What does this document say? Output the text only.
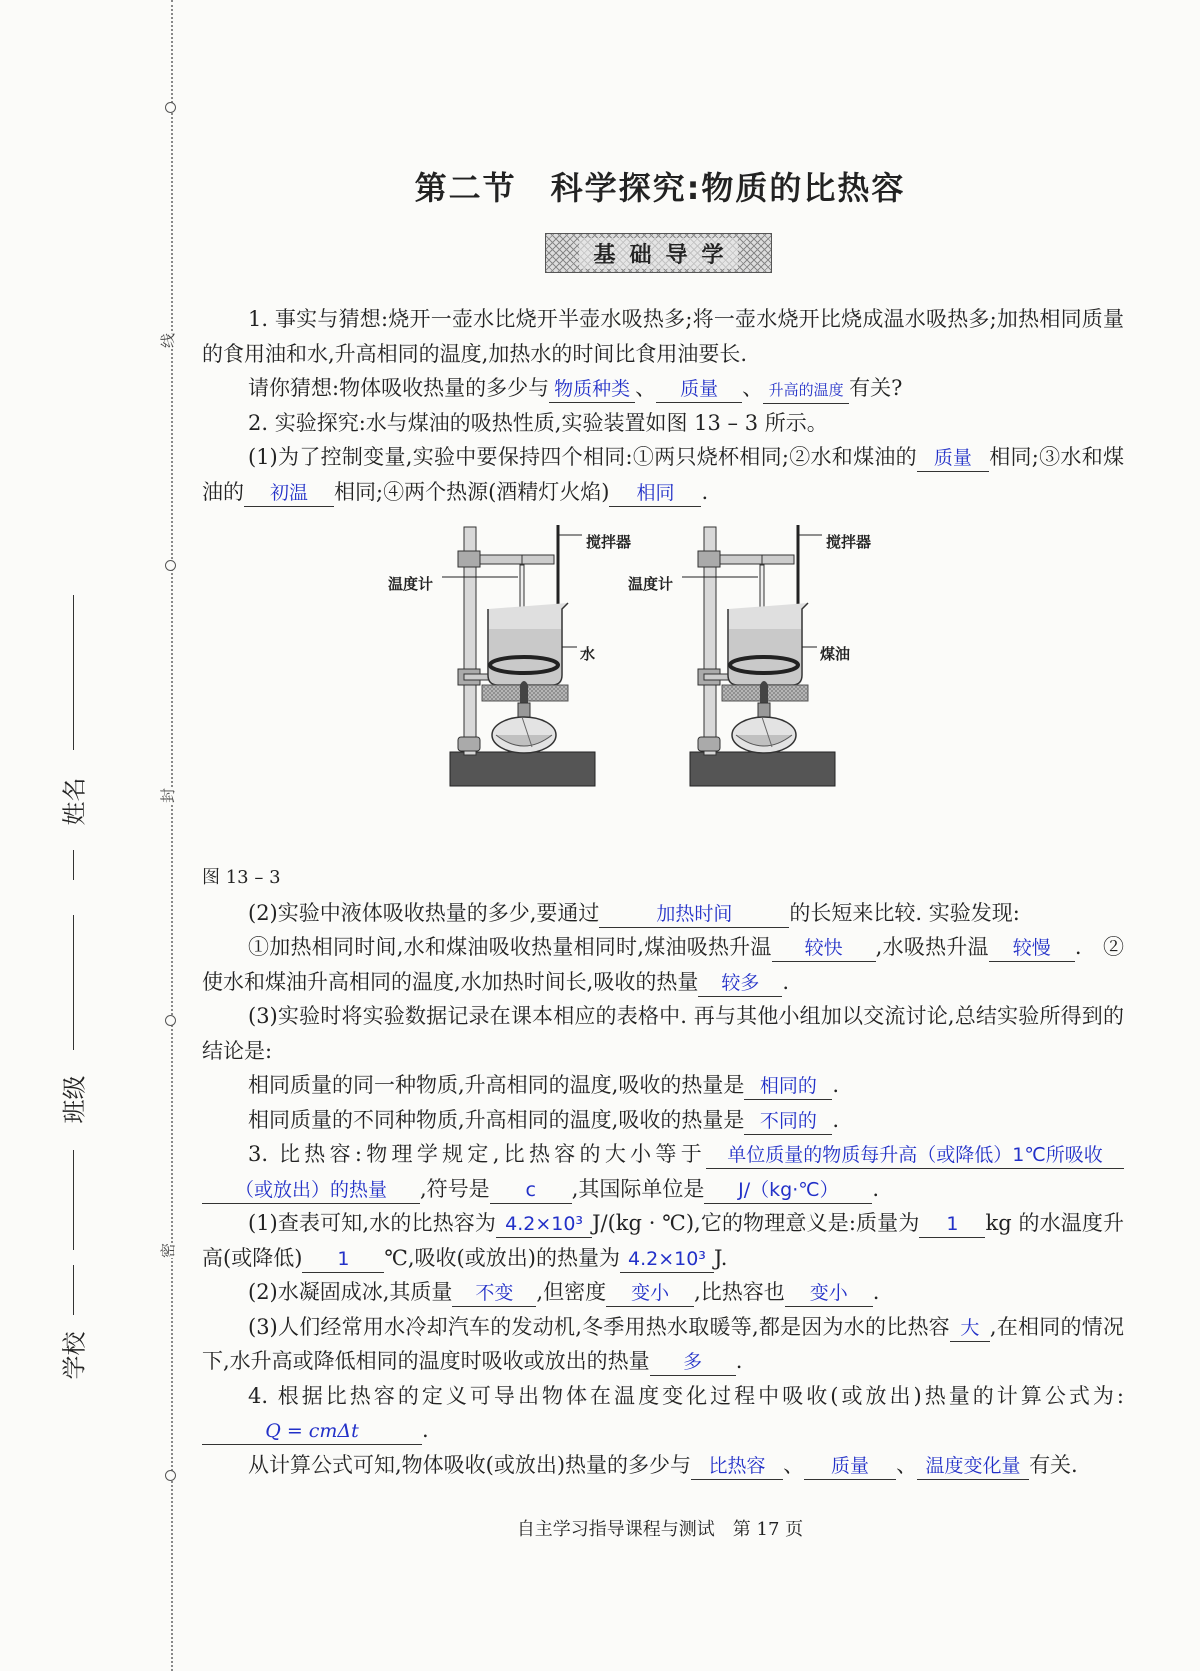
线
封
密
姓名
班级
学校
第二节　科学探究:物质的比热容
基础导学

1. 事实与猜想:烧开一壶水比烧开半壶水吸热多;将一壶水烧开比烧成温水吸热多;加热相同质量的食用油和水,升高相同的温度,加热水的时间比食用油要长.

请你猜想:物体吸收热量的多少与 物质种类 、 质量 、 升高的温度 有关?

2. 实验探究:水与煤油的吸热性质,实验装置如图 13 – 3 所示。

(1)为了控制变量,实验中要保持四个相同:①两只烧杯相同;②水和煤油的 质量 相同;③水和煤油的 初温 相同;④两个热源(酒精灯火焰) 相同 .

搅拌器
温度计
水
搅拌器
温度计
煤油

图 13 – 3

(2)实验中液体吸收热量的多少,要通过	加热时间	的长短来比较. 实验发现:

①加热相同时间,水和煤油吸收热量相同时,煤油吸热升温 较快 ,水吸热升温 较慢 .　②使水和煤油升高相同的温度,水加热时间长,吸收的热量 较多 .

(3)实验时将实验数据记录在课本相应的表格中. 再与其他小组加以交流讨论,总结实验所得到的结论是:

相同质量的同一种物质,升高相同的温度,吸收的热量是 相同的 .

相同质量的不同种物质,升高相同的温度,吸收的热量是 不同的 .

3. 比热容:物理学规定,比热容的大小等于 单位质量的物质每升高（或降低）1℃所吸收（或放出）的热量 ,符号是 c ,其国际单位是 J/（kg·℃） .

(1)查表可知,水的比热容为 4.2×10³ J/(kg · ℃),它的物理意义是:质量为 1 kg 的水温度升高(或降低) 1 ℃,吸收(或放出)的热量为 4.2×10³ J.

(2)水凝固成冰,其质量 不变 ,但密度 变小 ,比热容也 变小 .

(3)人们经常用水冷却汽车的发动机,冬季用热水取暖等,都是因为水的比热容 大 ,在相同的情况下,水升高或降低相同的温度时吸收或放出的热量 多 .

4. 根据比热容的定义可导出物体在温度变化过程中吸收(或放出)热量的计算公式为:Q = cmΔt	.

从计算公式可知,物体吸收(或放出)热量的多少与 比热容 、 质量 、 温度变化量 有关.

自主学习指导课程与测试　第 17 页
